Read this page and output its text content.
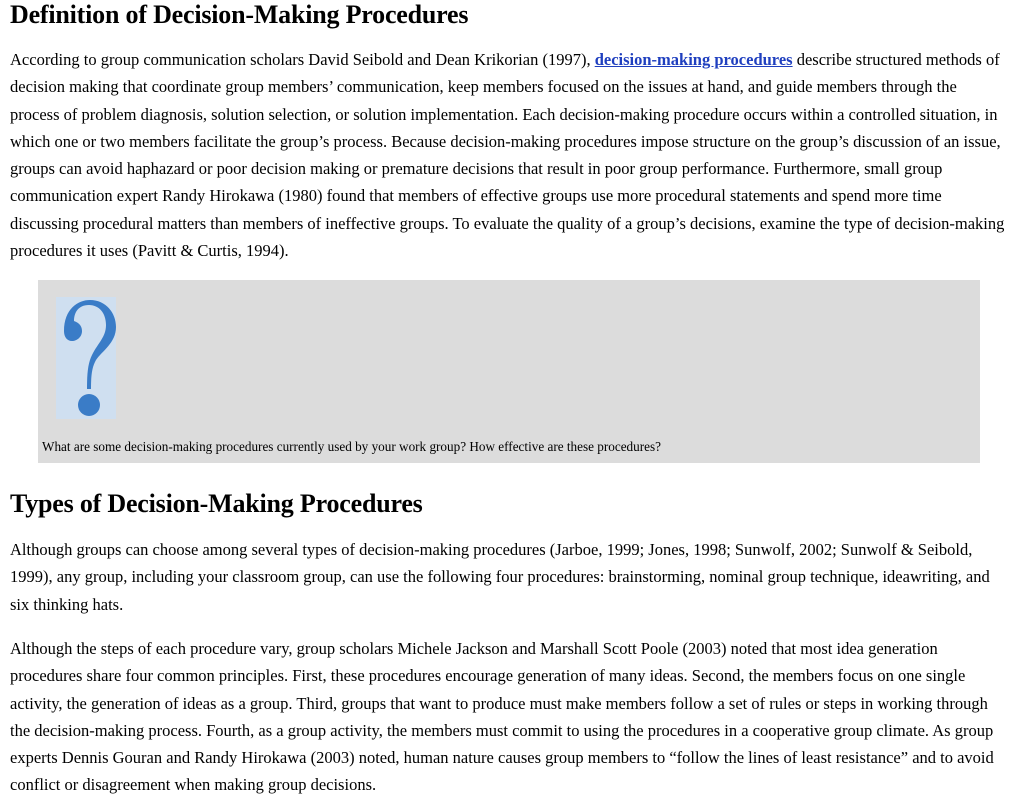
Definition of Decision-Making Procedures

According to group communication scholars David Seibold and Dean Krikorian (1997), decision-making procedures describe structured methods of decision making that coordinate group members’ communication, keep members focused on the issues at hand, and guide members through the process of problem diagnosis, solution selection, or solution implementation. Each decision-making procedure occurs within a controlled situation, in which one or two members facilitate the group’s process. Because decision-making procedures impose structure on the group’s discussion of an issue, groups can avoid haphazard or poor decision making or premature decisions that result in poor group performance. Furthermore, small group communication expert Randy Hirokawa (1980) found that members of effective groups use more procedural statements and spend more time discussing procedural matters than members of ineffective groups. To evaluate the quality of a group’s decisions, examine the type of decision-making procedures it uses (Pavitt & Curtis, 1994).

What are some decision-making procedures currently used by your work group? How effective are these procedures?
Types of Decision-Making Procedures

Although groups can choose among several types of decision-making procedures (Jarboe, 1999; Jones, 1998; Sunwolf, 2002; Sunwolf & Seibold, 1999), any group, including your classroom group, can use the following four procedures: brainstorming, nominal group technique, ideawriting, and six thinking hats.

Although the steps of each procedure vary, group scholars Michele Jackson and Marshall Scott Poole (2003) noted that most idea generation procedures share four common principles. First, these procedures encourage generation of many ideas. Second, the members focus on one single activity, the generation of ideas as a group. Third, groups that want to produce must make members follow a set of rules or steps in working through the decision-making process. Fourth, as a group activity, the members must commit to using the procedures in a cooperative group climate. As group experts Dennis Gouran and Randy Hirokawa (2003) noted, human nature causes group members to “follow the lines of least resistance” and to avoid conflict or disagreement when making group decisions.
